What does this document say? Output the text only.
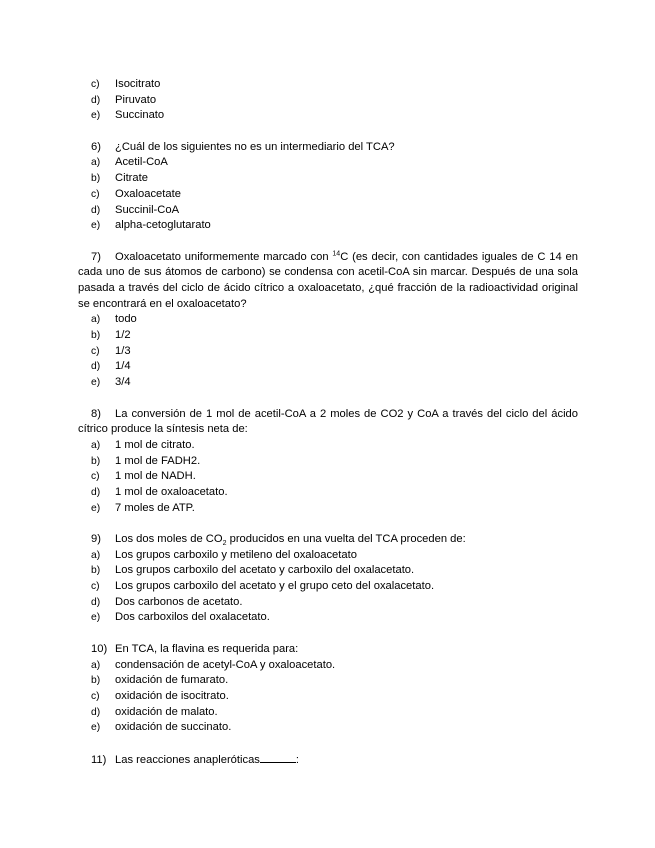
c) Isocitrato
d) Piruvato
e) Succinato
6) ¿Cuál de los siguientes no es un intermediario del TCA?
a) Acetil-CoA
b) Citrate
c) Oxaloacetate
d) Succinil-CoA
e) alpha-cetoglutarato
7) Oxaloacetato uniformemente marcado con $^{14}$C (es decir, con cantidades iguales de C 14 en cada uno de sus átomos de carbono) se condensa con acetil-CoA sin marcar. Después de una sola pasada a través del ciclo de ácido cítrico a oxaloacetato, ¿qué fracción de la radioactividad original se encontrará en el oxaloacetato?
a) todo
b) 1/2
c) 1/3
d) 1/4
e) 3/4
8) La conversión de 1 mol de acetil-CoA a 2 moles de CO2 y CoA a través del ciclo del ácido cítrico produce la síntesis neta de:
a) 1 mol de citrato.
b) 1 mol de FADH2.
c) 1 mol de NADH.
d) 1 mol de oxaloacetato.
e) 7 moles de ATP.
9) Los dos moles de $CO_2$ producidos en una vuelta del TCA proceden de:
a) Los grupos carboxilo y metileno del oxaloacetato
b) Los grupos carboxilo del acetato y carboxilo del oxalacetato.
c) Los grupos carboxilo del acetato y el grupo ceto del oxalacetato.
d) Dos carbonos de acetato.
e) Dos carboxilos del oxalacetato.
10) En TCA, la flavina es requerida para:
a) condensación de acetyl-CoA y oxaloacetato.
b) oxidación de fumarato.
c) oxidación de isocitrato.
d) oxidación de malato.
e) oxidación de succinato.
11) Las reacciones anapleróticas	:
